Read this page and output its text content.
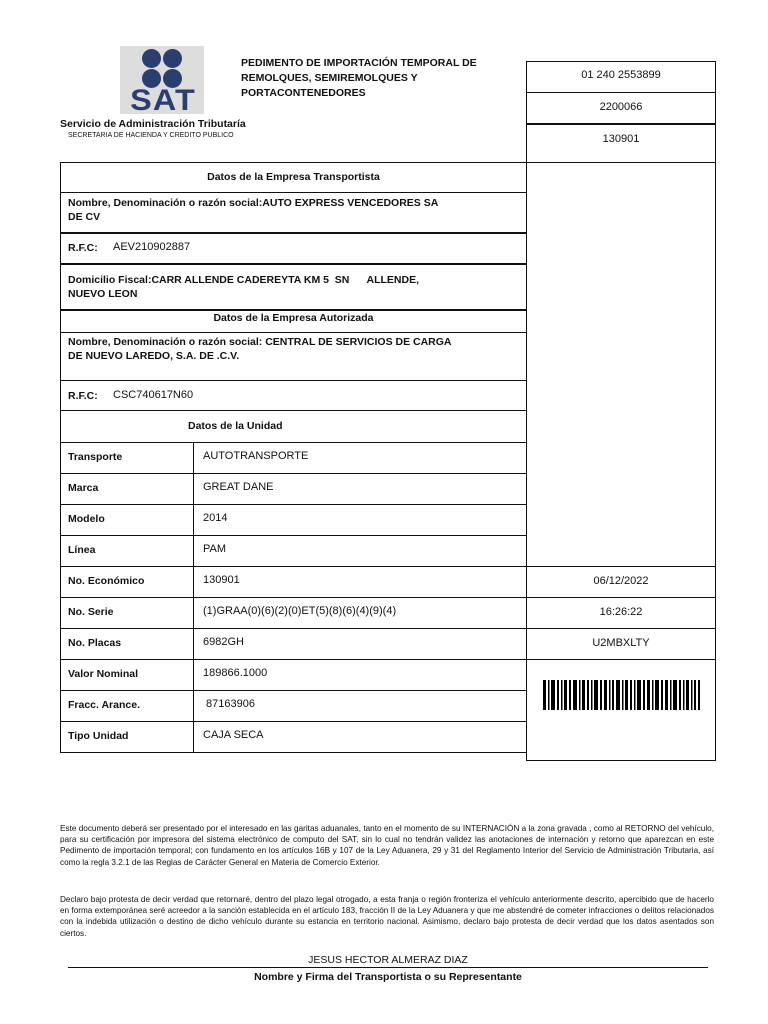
SAT
Servicio de Administración Tributaría
SECRETARIA DE HACIENDA Y CREDITO PUBLICO
PEDIMENTO DE IMPORTACIÓN TEMPORAL DE
REMOLQUES, SEMIREMOLQUES Y
PORTACONTENEDORES
01 240 2553899
2200066
130901
06/12/2022
16:26:22
U2MBXLTY
Datos de la Empresa Transportista
Nombre, Denominación o razón social:AUTO EXPRESS VENCEDORES SA
DE CV
R.F.C: AEV210902887
Domicilio Fiscal:CARR ALLENDE CADEREYTA KM 5  SN      ALLENDE,
NUEVO LEON
Datos de la Empresa Autorizada
Nombre, Denominación o razón social: CENTRAL DE SERVICIOS DE CARGA
DE NUEVO LAREDO, S.A. DE .C.V.
R.F.C: CSC740617N60
Datos de la Unidad
Transporte	AUTOTRANSPORTE
Marca	GREAT DANE
Modelo	2014
Línea	PAM
No. Económico	130901
No. Serie	(1)GRAA(0)(6)(2)(0)ET(5)(8)(6)(4)(9)(4)
No. Placas	6982GH
Valor Nominal	189866.1000
Fracc. Arance.	87163906
Tipo Unidad	CAJA SECA
Este documento deberá ser presentado por el interesado en las garitas aduanales, tanto en el momento de su INTERNACIÓN a la zona gravada , como al RETORNO del vehículo, para su certificación por impresora del sistema electrónico de computo del SAT, sin lo cual no tendrán validez las anotaciones de internación y retorno que aparezcan en este Pedimento de importación temporal; con fundamento en los artículos 16B y 107 de la Ley Aduanera, 29 y 31 del Reglamento Interior del Servicio de Administración Tributaria, así como la regla 3.2.1 de las Reglas de Carácter General en Materia de Comercio Exterior.
Declaro bajo protesta de decir verdad que retornaré, dentro del plazo legal otrogado, a esta franja o región fronteriza el vehículo anteriormente descrito, apercibido que de hacerlo en forma extemporánea seré acreedor a la sanción establecida en el artículo 183, fracción II de la Ley Aduanera y que me abstendré de cometer infracciones o delitos relacionados con la indebida utilización o destino de dicho vehículo durante su estancia en territorio nacional. Asimismo, declaro bajo protesta de decir verdad que los datos asentados son ciertos.
JESUS HECTOR ALMERAZ DIAZ
Nombre y Firma del Transportista o su Representante
